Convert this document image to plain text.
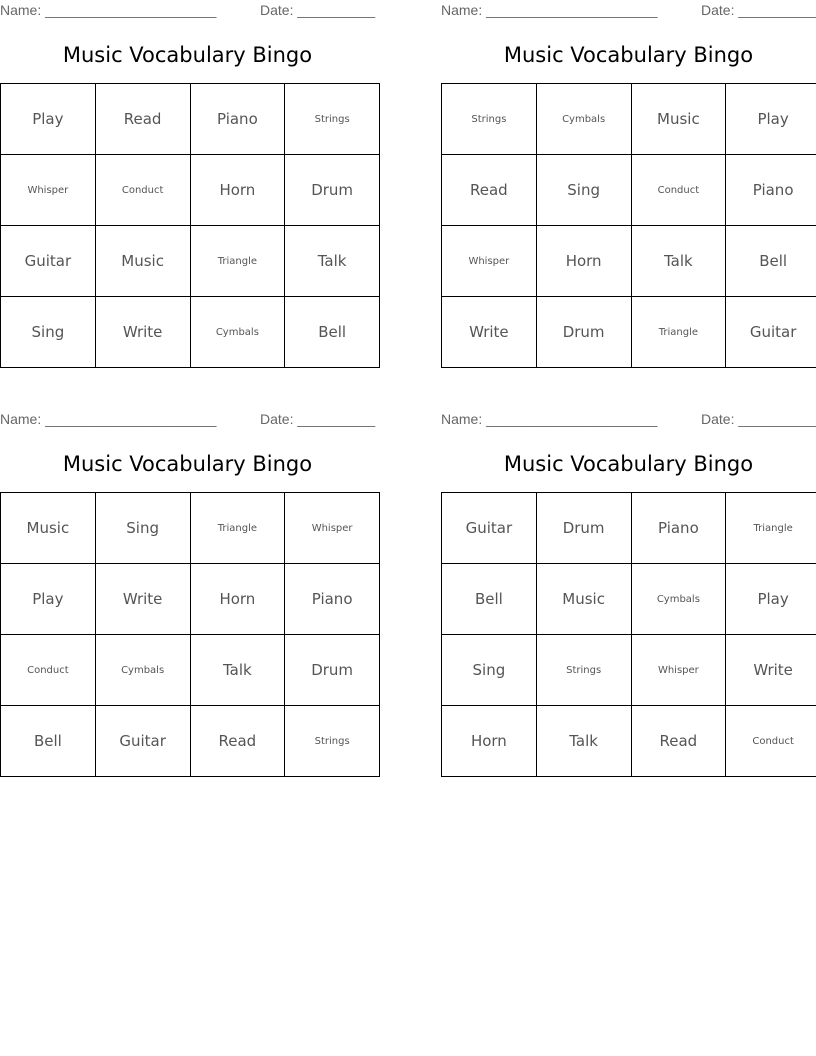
Name: ______________________	Date: __________
Music Vocabulary Bingo
Play	Read	Piano	Strings
Whisper	Conduct	Horn	Drum
Guitar	Music	Triangle	Talk
Sing	Write	Cymbals	Bell
Name: ______________________	Date: __________
Music Vocabulary Bingo
Strings	Cymbals	Music	Play
Read	Sing	Conduct	Piano
Whisper	Horn	Talk	Bell
Write	Drum	Triangle	Guitar
Name: ______________________	Date: __________
Music Vocabulary Bingo
Music	Sing	Triangle	Whisper
Play	Write	Horn	Piano
Conduct	Cymbals	Talk	Drum
Bell	Guitar	Read	Strings
Name: ______________________	Date: __________
Music Vocabulary Bingo
Guitar	Drum	Piano	Triangle
Bell	Music	Cymbals	Play
Sing	Strings	Whisper	Write
Horn	Talk	Read	Conduct
